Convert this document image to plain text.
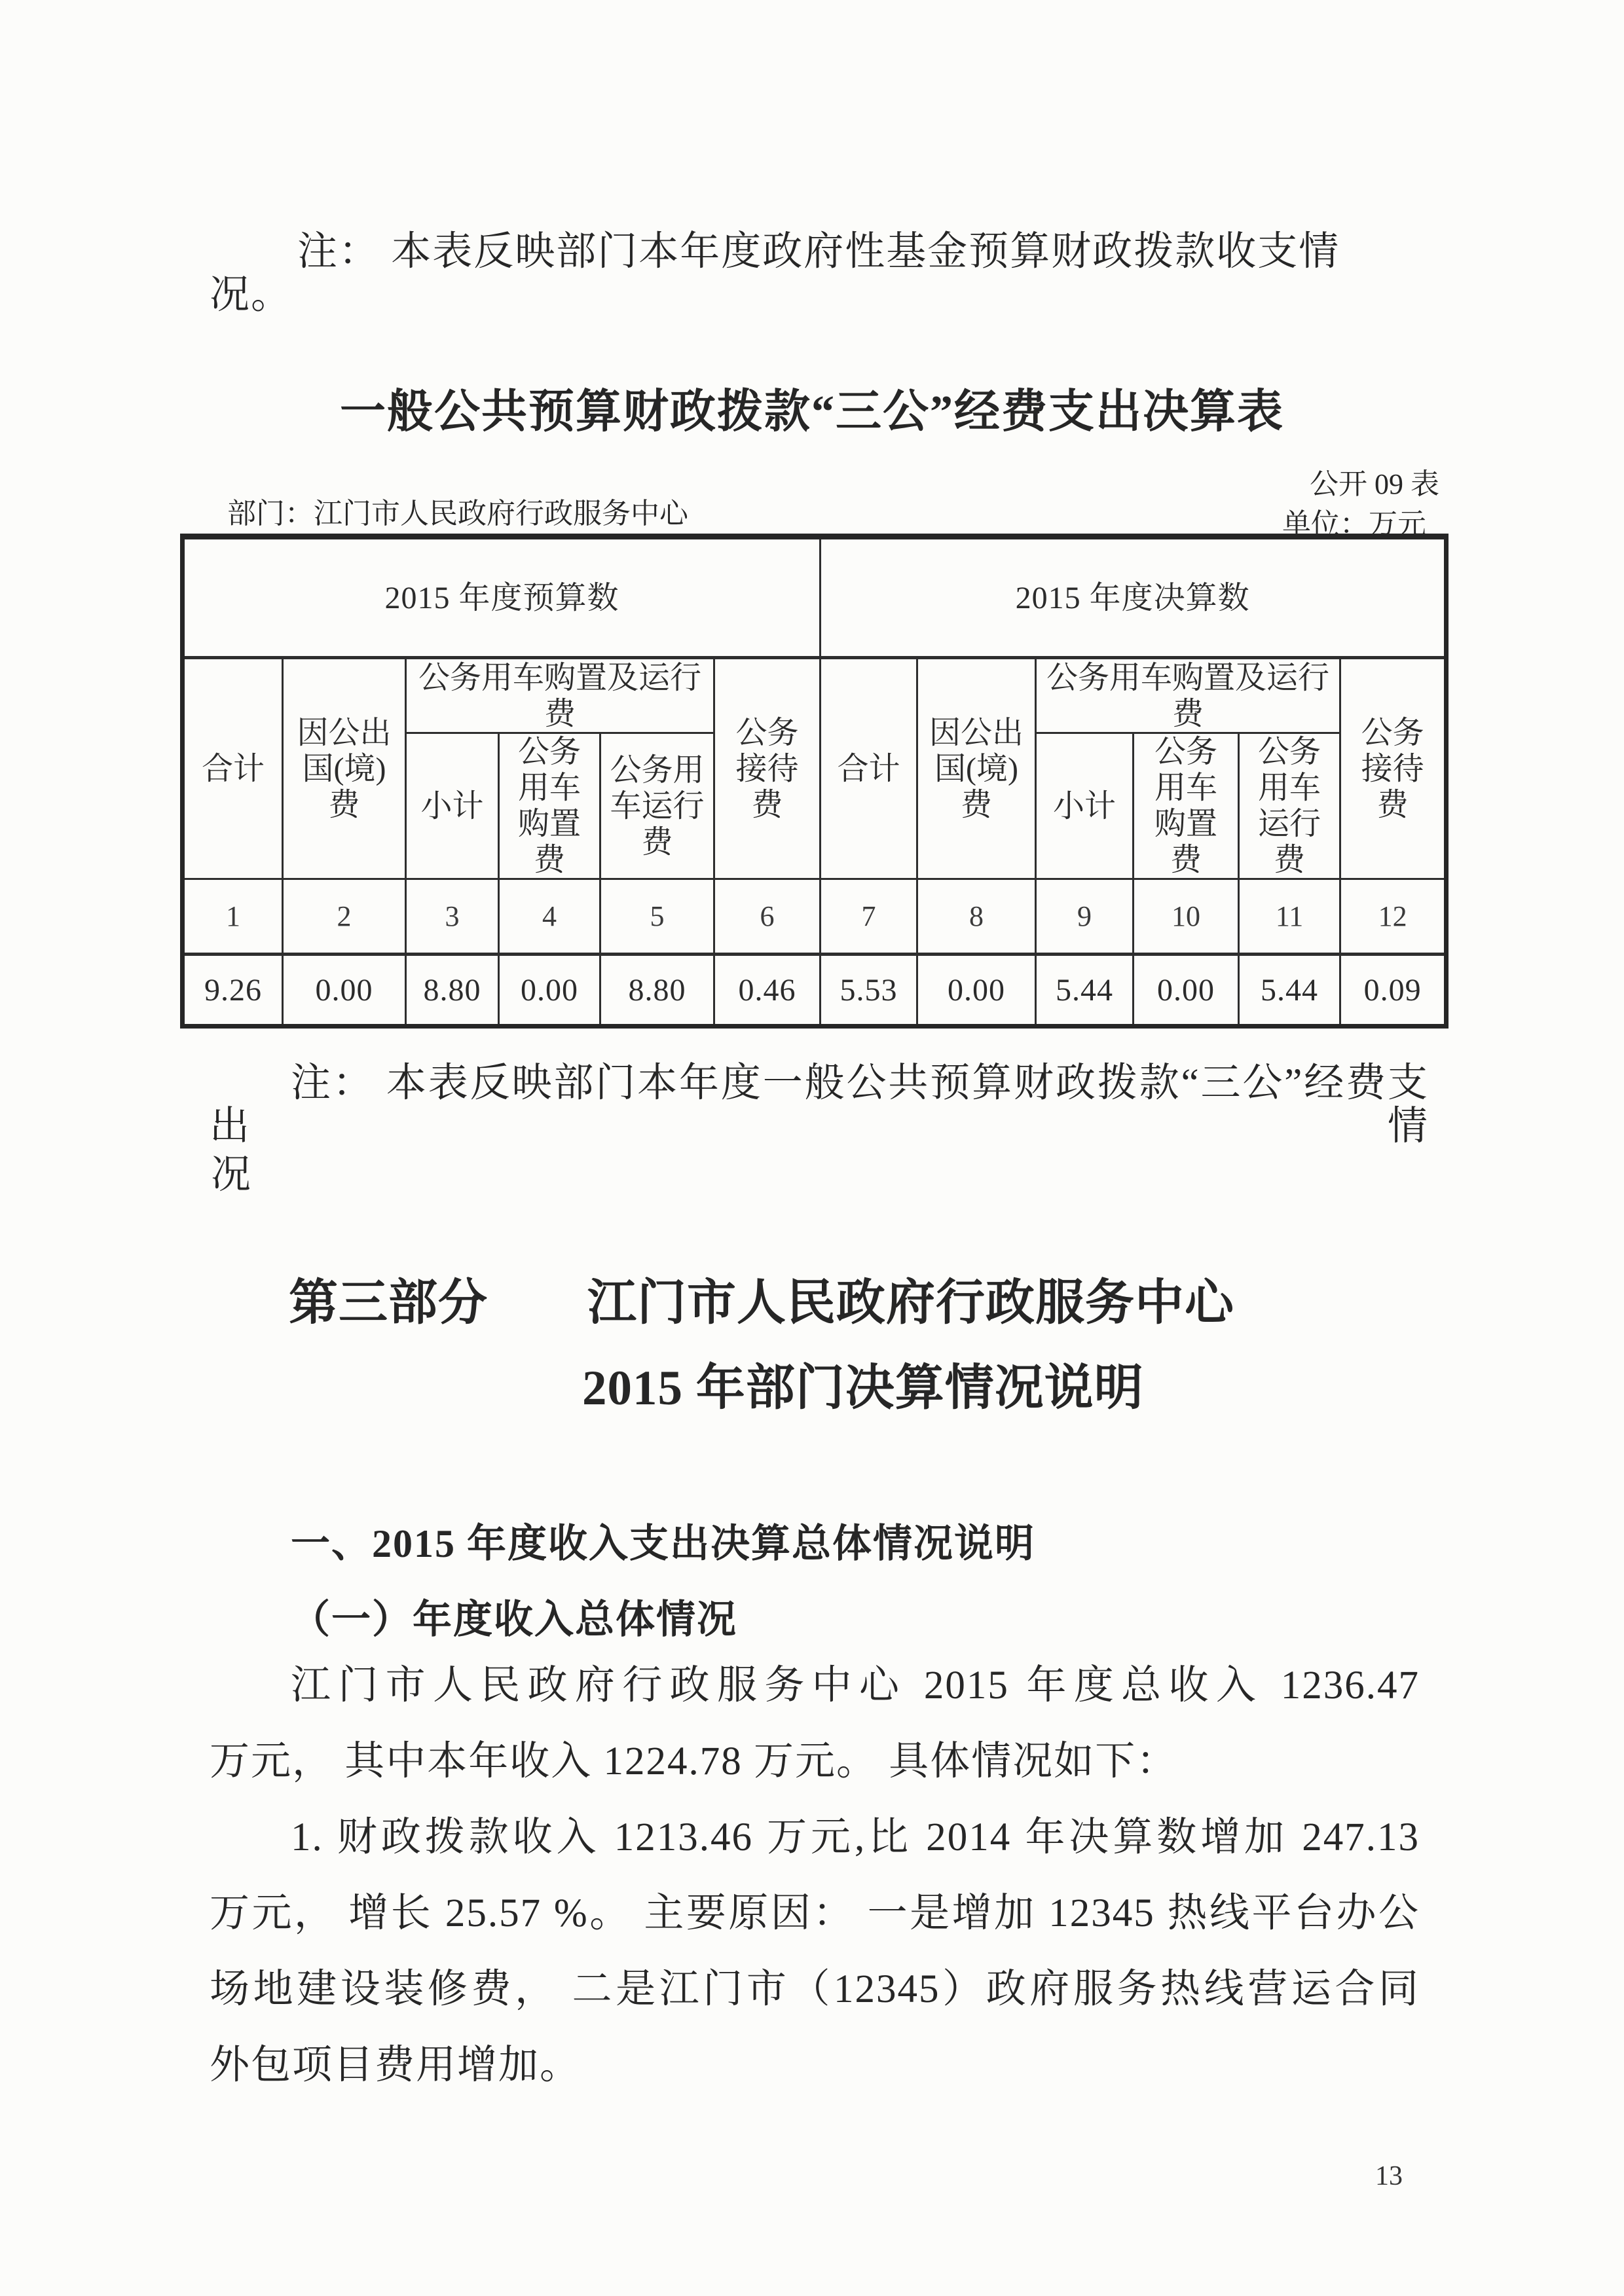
注： 本表反映部门本年度政府性基金预算财政拨款收支情况。
一般公共预算财政拨款“三公”经费支出决算表
公开 09 表
部门：江门市人民政府行政服务中心	单位：万元
2015 年度预算数						2015 年度决算数					
合计	因公出国(境)费	公务用车购置及运行费			公务接待费	合计	因公出国(境)费	公务用车购置及运行费			公务接待费
		小计	公务用车购置费	公务用车运行费				小计	公务用车购置费	公务用车运行费	
1	2	3	4	5	6	7	8	9	10	11	12
9.26	0.00	8.80	0.00	8.80	0.46	5.53	0.00	5.44	0.00	5.44	0.09
注： 本表反映部门本年度一般公共预算财政拨款“三公”经费支出情
况
第三部分　　江门市人民政府行政服务中心
2015 年部门决算情况说明
一、2015 年度收入支出决算总体情况说明
（一）年度收入总体情况
江门市人民政府行政服务中心 2015 年度总收入 1236.47
万元， 其中本年收入 1224.78 万元。 具体情况如下：
1. 财政拨款收入 1213.46 万元,比 2014 年决算数增加 247.13
万元， 增长 25.57 %。 主要原因： 一是增加 12345 热线平台办公
场地建设装修费， 二是江门市（12345）政府服务热线营运合同
外包项目费用增加。
13
